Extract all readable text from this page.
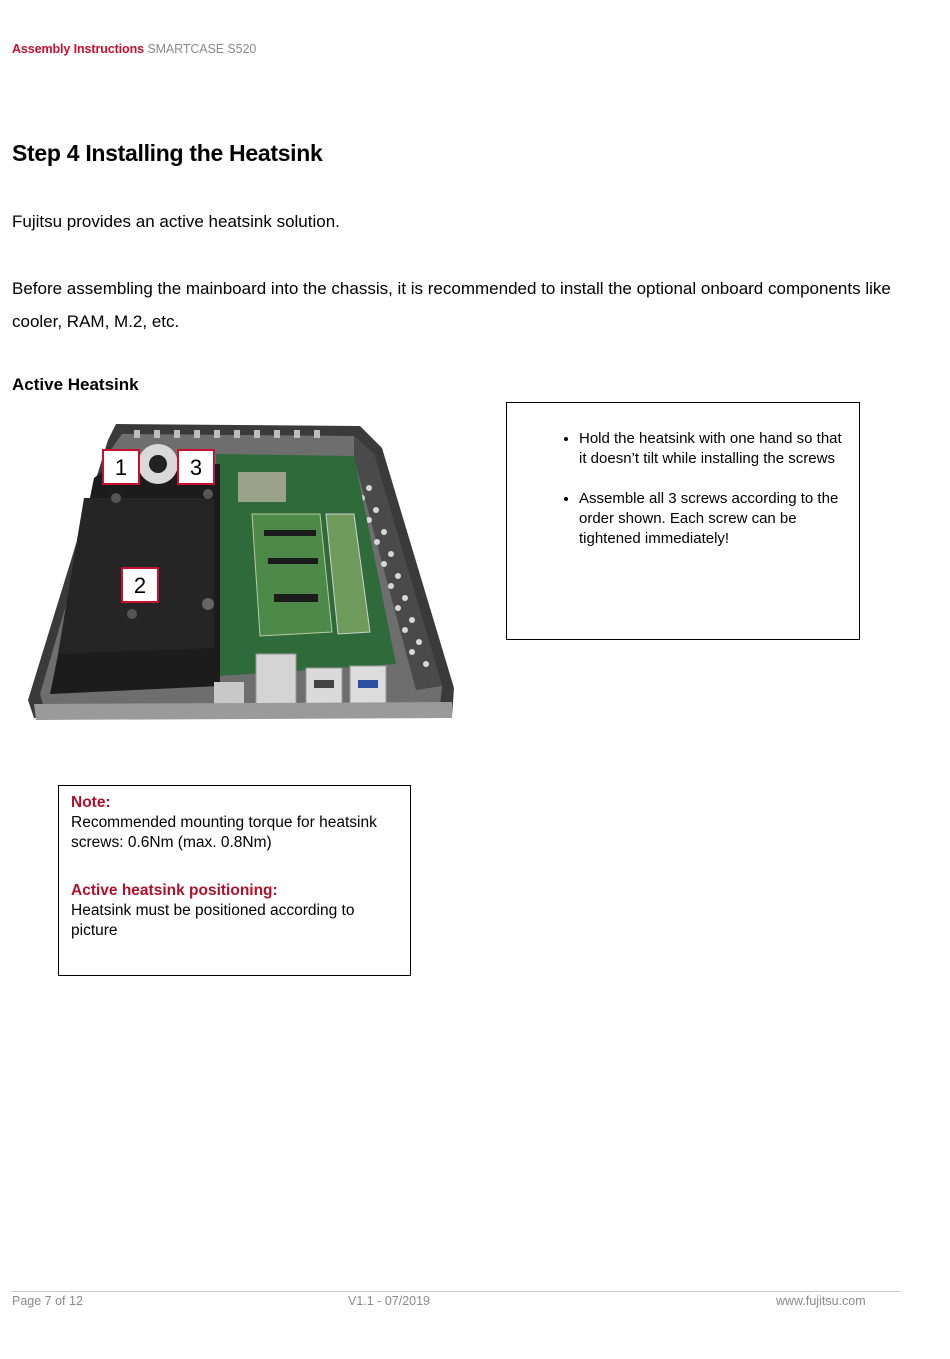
Assembly Instructions SMARTCASE S520
Step 4 Installing the Heatsink

Fujitsu provides an active heatsink solution.

Before assembling the mainboard into the chassis, it is recommended to install the optional onboard components like cooler, RAM, M.2, etc.

Active Heatsink
1	3
2
• Hold the heatsink with one hand so that it doesn’t tilt while installing the screws
• Assemble all 3 screws according to the order shown. Each screw can be tightened immediately!

Note:

Recommended mounting torque for heatsink screws: 0.6Nm (max. 0.8Nm)

Active heatsink positioning:

Heatsink must be positioned according to picture

Page 7 of 12	V1.1 - 07/2019	www.fujitsu.com
